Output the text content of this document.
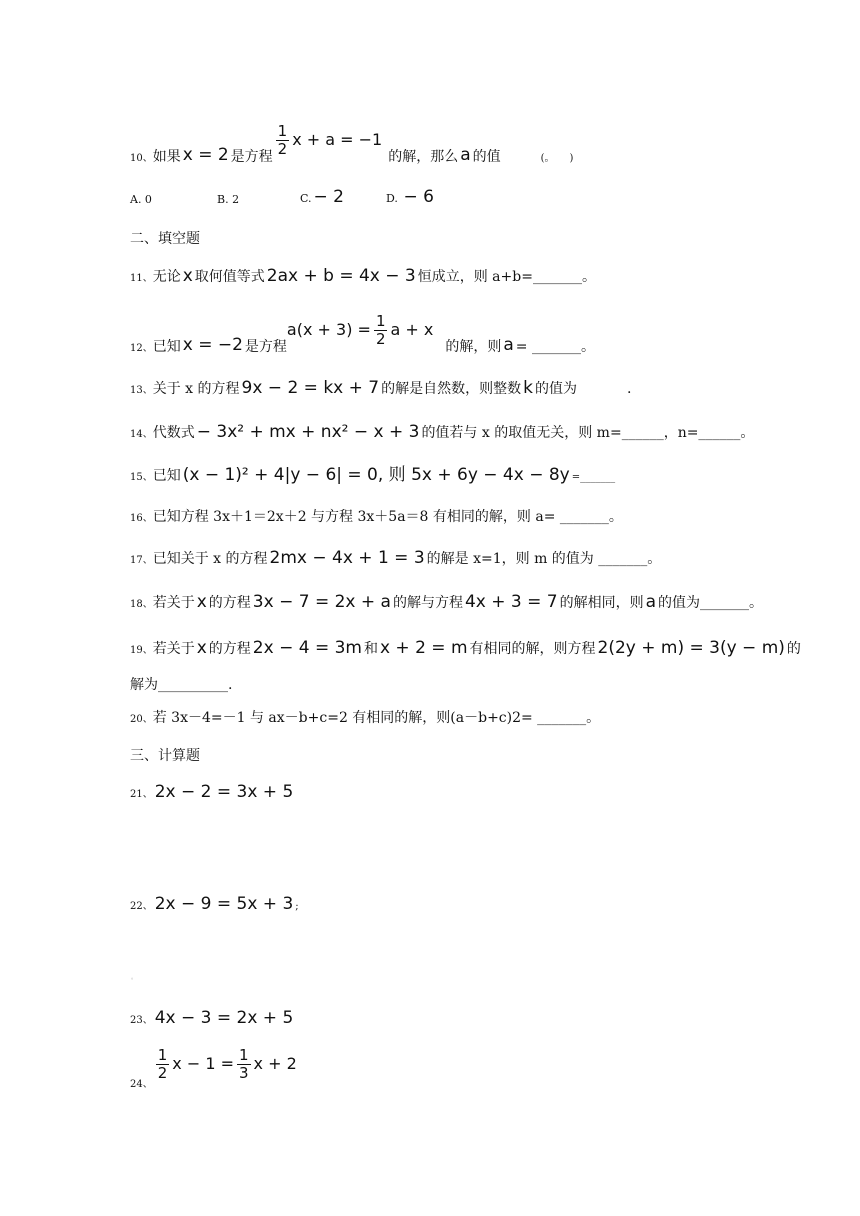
10、 如果 x = 2 是方程 $\frac{1}{2}$ x + a = −1
的解，那么 a 的值	(。　　)
A. 0	B. 2	C. − 2	D. − 6
二、填空题
11、无论 x 取何值等式 2ax + b = 4x − 3 恒成立，则 a+b=_______。
12、 已知 x = −2 是方程
$a(x + 3) = \frac{1}{2}$ a + x
的解，则 a = _______。
13、关于 x 的方程 9x − 2 = kx + 7 的解是自然数，则整数 k 的值为	.
14、代数式 − 3x² + mx + nx² − x + 3 的值若与 x 的取值无关，则 m=______，n=______。
15、已知 (x − 1)² + 4|y − 6| = 0, 则 5x + 6y − 4x − 8y =_______
16、已知方程 3x＋1＝2x＋2 与方程 3x＋5a＝8 有相同的解，则 a= _______。
17、已知关于 x 的方程 2mx − 4x + 1 = 3 的解是 x=1，则 m 的值为 _______。
18、若关于 x 的方程 3x − 7 = 2x + a 的解与方程 4x + 3 = 7 的解相同，则 a 的值为_______。
19、若关于 x 的方程 2x − 4 = 3m 和 x + 2 = m 有相同的解，则方程 2(2y + m) = 3(y − m) 的
解为__________.
20、若 3x－4=－1 与 ax－b+c=2 有相同的解，则(a－b+c)2= _______。
三、计算题
21、 2x − 2 = 3x + 5
22、 2x − 9 = 5x + 3 ;
。
23、 4x − 3 = 2x + 5
24、
$\frac{1}{2}$ $x - 1 = \frac{1}{3}$ x + 2
